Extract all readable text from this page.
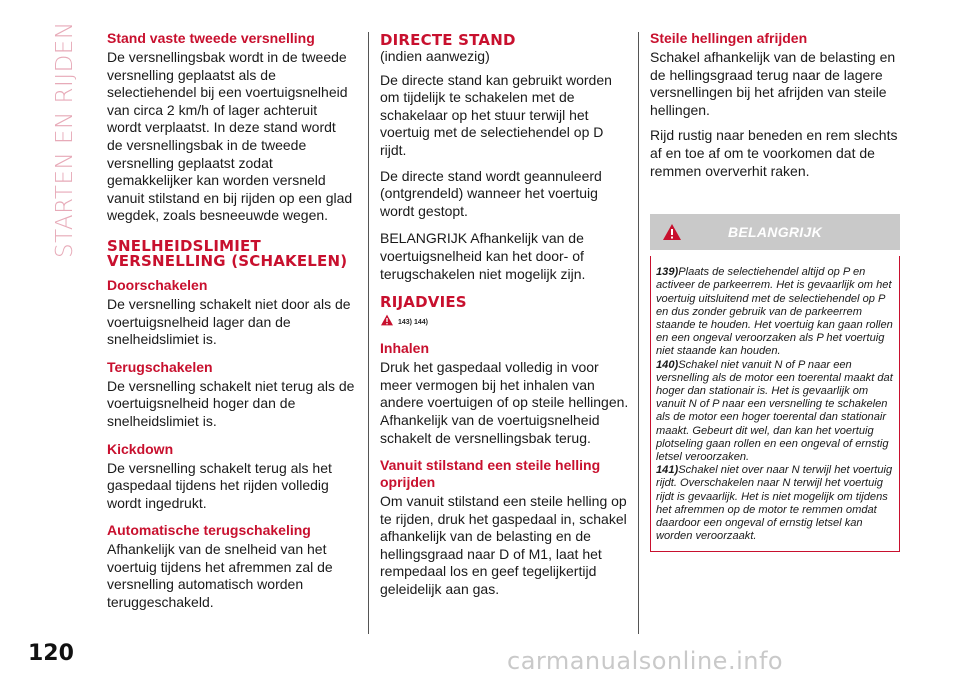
STARTEN EN RIJDEN
120
Stand vaste tweede versnelling

De versnellingsbak wordt in de tweede versnelling geplaatst als de selectiehendel bij een voertuigsnelheid van circa 2 km/h of lager achteruit wordt verplaatst. In deze stand wordt de versnellingsbak in de tweede versnelling geplaatst zodat gemakkelijker kan worden versneld vanuit stilstand en bij rijden op een glad wegdek, zoals besneeuwde wegen.

SNELHEIDSLIMIET VERSNELLING (SCHAKELEN)
Doorschakelen

De versnelling schakelt niet door als de voertuigsnelheid lager dan de snelheidslimiet is.

Terugschakelen

De versnelling schakelt niet terug als de voertuigsnelheid hoger dan de snelheidslimiet is.

Kickdown

De versnelling schakelt terug als het gaspedaal tijdens het rijden volledig wordt ingedrukt.

Automatische terugschakeling

Afhankelijk van de snelheid van het voertuig tijdens het afremmen zal de versnelling automatisch worden teruggeschakeld.

DIRECTE STAND

(indien aanwezig)

De directe stand kan gebruikt worden om tijdelijk te schakelen met de schakelaar op het stuur terwijl het voertuig met de selectiehendel op D rijdt.

De directe stand wordt geannuleerd (ontgrendeld) wanneer het voertuig wordt gestopt.

BELANGRIJK Afhankelijk van de voertuigsnelheid kan het door- of terugschakelen niet mogelijk zijn.

RIJADVIES
143) 144)
Inhalen

Druk het gaspedaal volledig in voor meer vermogen bij het inhalen van andere voertuigen of op steile hellingen. Afhankelijk van de voertuigsnelheid schakelt de versnellingsbak terug.

Vanuit stilstand een steile helling oprijden

Om vanuit stilstand een steile helling op te rijden, druk het gaspedaal in, schakel afhankelijk van de belasting en de hellingsgraad naar D of M1, laat het rempedaal los en geef tegelijkertijd geleidelijk aan gas.

Steile hellingen afrijden

Schakel afhankelijk van de belasting en de hellingsgraad terug naar de lagere versnellingen bij het afrijden van steile hellingen.

Rijd rustig naar beneden en rem slechts af en toe af om te voorkomen dat de remmen oververhit raken.

BELANGRIJK

139)Plaats de selectiehendel altijd op P en activeer de parkeerrem. Het is gevaarlijk om het voertuig uitsluitend met de selectiehendel op P en dus zonder gebruik van de parkeerrem staande te houden. Het voertuig kan gaan rollen en een ongeval veroorzaken als P het voertuig niet staande kan houden.

140)Schakel niet vanuit N of P naar een versnelling als de motor een toerental maakt dat hoger dan stationair is. Het is gevaarlijk om vanuit N of P naar een versnelling te schakelen als de motor een hoger toerental dan stationair maakt. Gebeurt dit wel, dan kan het voertuig plotseling gaan rollen en een ongeval of ernstig letsel veroorzaken.

141)Schakel niet over naar N terwijl het voertuig rijdt. Overschakelen naar N terwijl het voertuig rijdt is gevaarlijk. Het is niet mogelijk om tijdens het afremmen op de motor te remmen omdat daardoor een ongeval of ernstig letsel kan worden veroorzaakt.

carmanualsonline.info
